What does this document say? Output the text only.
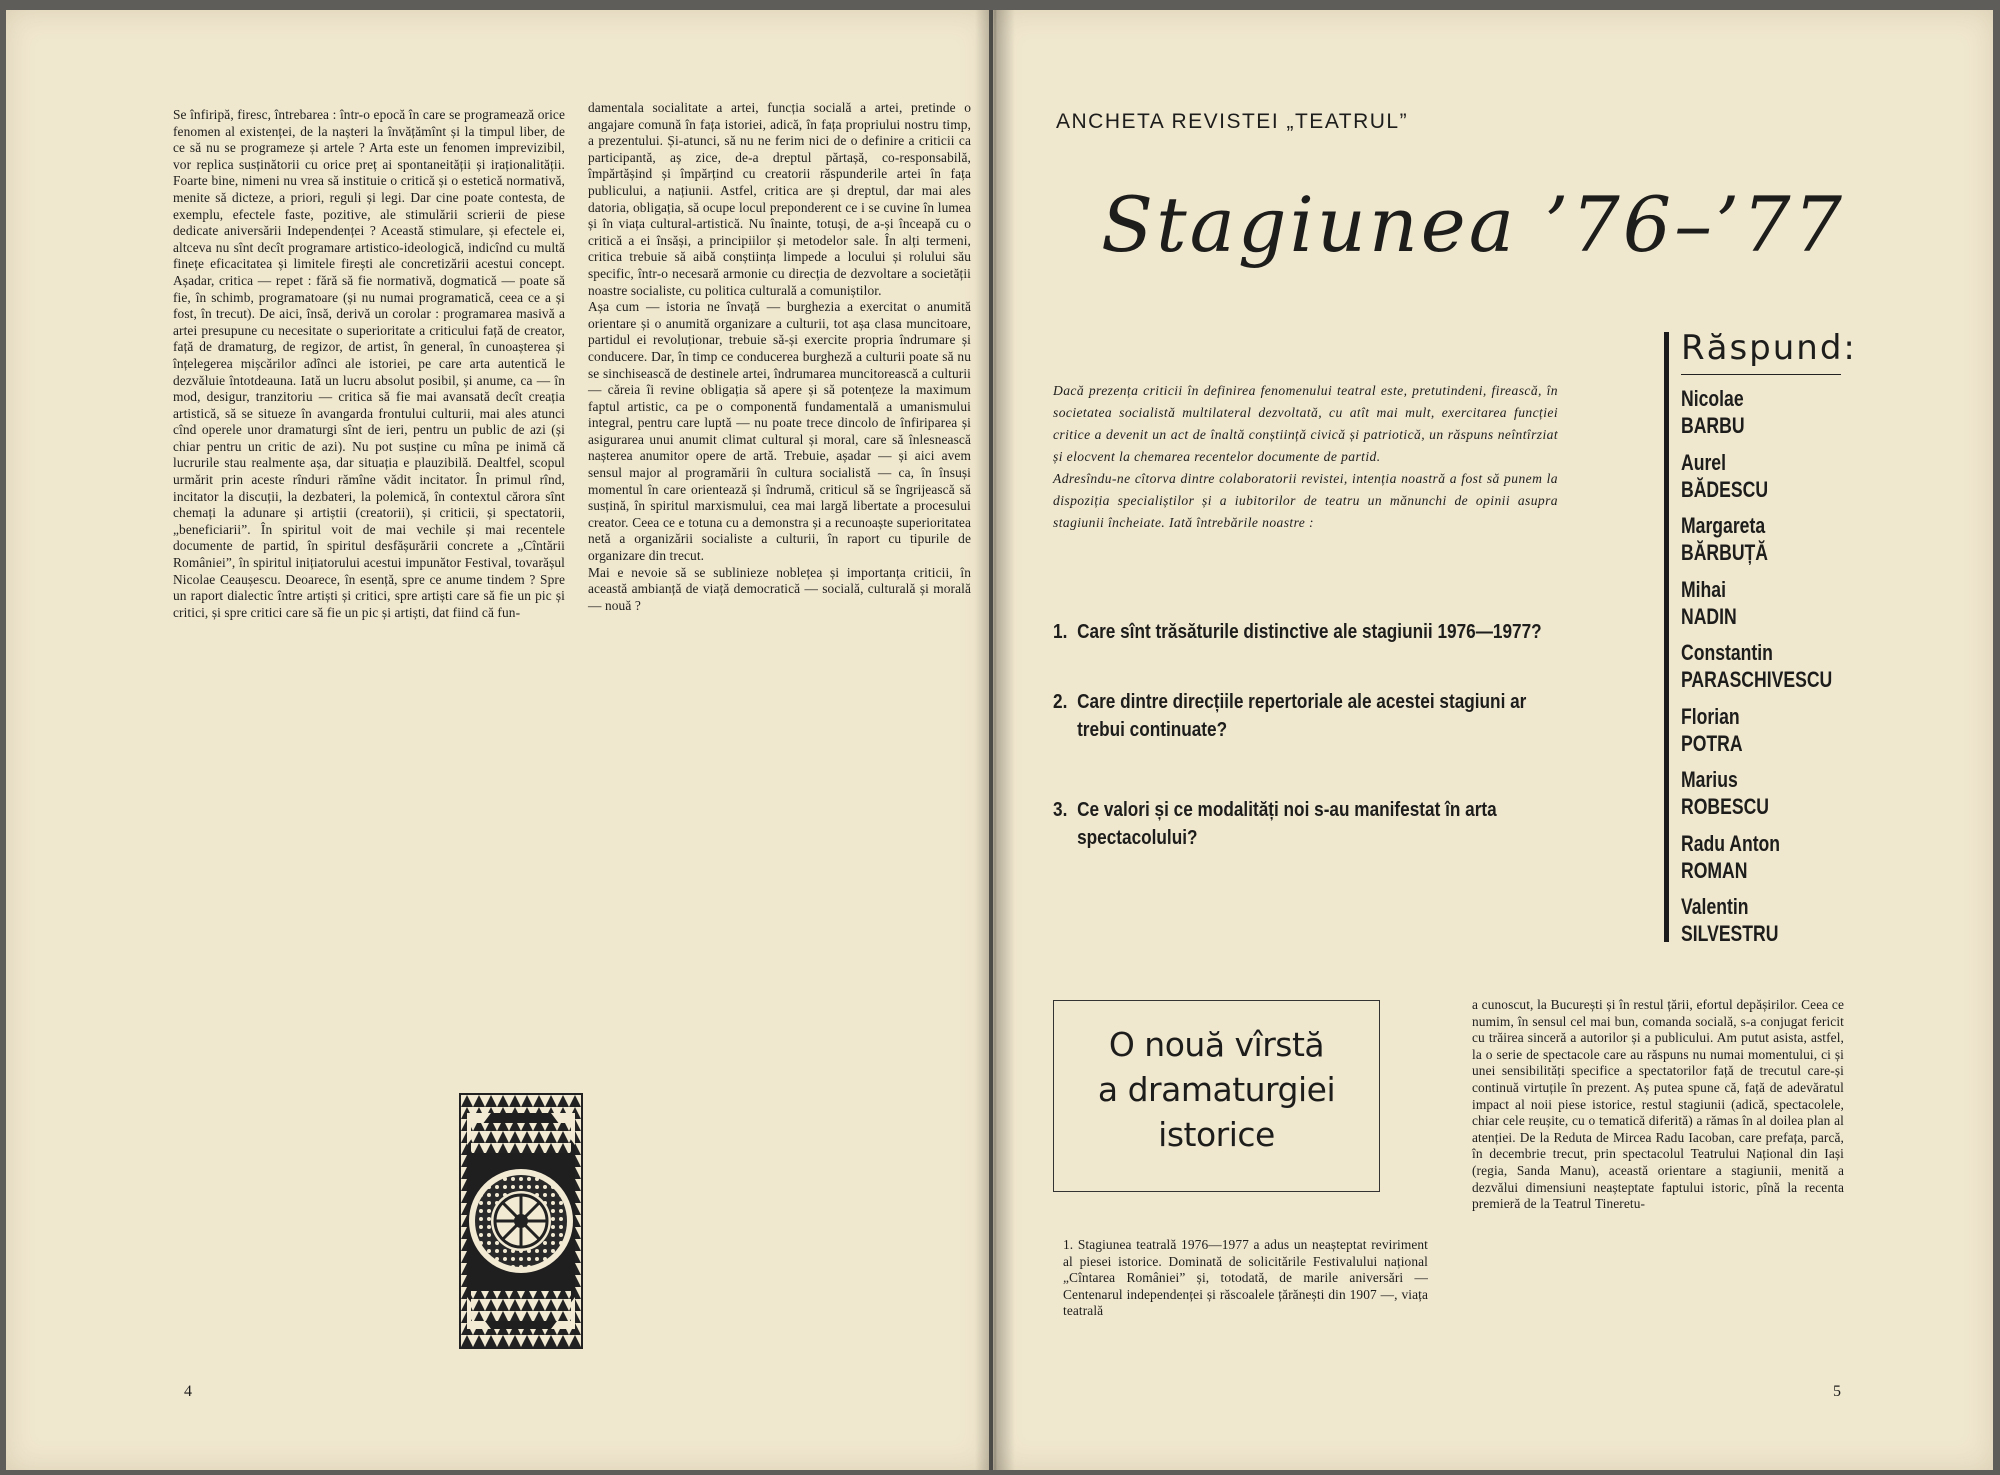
Se înfiripă, firesc, întrebarea : într-o epocă în care se programează orice fenomen al existenței, de la nașteri la învățămînt și la timpul liber, de ce să nu se programeze și artele ? Arta este un fenomen imprevizibil, vor replica susținătorii cu orice preț ai spontaneității și iraționalității. Foarte bine, nimeni nu vrea să instituie o critică și o estetică normativă, menite să dicteze, a priori, reguli și legi. Dar cine poate contesta, de exemplu, efectele faste, pozitive, ale stimulării scrierii de piese dedicate aniversării Independenței ? Această stimulare, și efectele ei, altceva nu sînt decît programare artistico-ideologică, indicînd cu multă finețe eficacitatea și limitele firești ale concretizării acestui concept. Așadar, critica — repet : fără să fie normativă, dogmatică — poate să fie, în schimb, programatoare (și nu numai programatică, ceea ce a și fost, în trecut). De aici, însă, derivă un corolar : programarea masivă a artei presupune cu necesitate o superioritate a criticului față de creator, față de dramaturg, de regizor, de artist, în general, în cunoașterea și înțelegerea mișcărilor adînci ale istoriei, pe care arta autentică le dezvăluie întotdeauna. Iată un lucru absolut posibil, și anume, ca — în mod, desigur, tranzitoriu — critica să fie mai avansată decît creația artistică, să se situeze în avangarda frontului culturii, mai ales atunci cînd operele unor dramaturgi sînt de ieri, pentru un public de azi (și chiar pentru un critic de azi). Nu pot susține cu mîna pe inimă că lucrurile stau realmente așa, dar situația e plauzibilă. Dealtfel, scopul urmărit prin aceste rînduri rămîne vădit incitator. În primul rînd, incitator la discuții, la dezbateri, la polemică, în contextul cărora sînt chemați la adunare și artiștii (creatorii), și criticii, și spectatorii, „beneficiarii”. În spiritul voit de mai vechile și mai recentele documente de partid, în spiritul desfășurării concrete a „Cîntării României”, în spiritul inițiatorului acestui impunător Festival, tovarășul Nicolae Ceaușescu. Deoarece, în esență, spre ce anume tindem ? Spre un raport dialectic între artiști și critici, spre artiști care să fie un pic și critici, și spre critici care să fie un pic și artiști, dat fiind că fun-
damentala socialitate a artei, funcția socială a artei, pretinde o angajare comună în fața istoriei, adică, în fața propriului nostru timp, a prezentului. Și-atunci, să nu ne ferim nici de o definire a criticii ca participantă, aș zice, de-a dreptul părtașă, co-responsabilă, împărtășind și împărțind cu creatorii răspunderile artei în fața publicului, a națiunii. Astfel, critica are și dreptul, dar mai ales datoria, obligația, să ocupe locul preponderent ce i se cuvine în lumea și în viața cultural-artistică. Nu înainte, totuși, de a-și înceapă cu o critică a ei însăși, a principiilor și metodelor sale. În alți termeni, critica trebuie să aibă conștiința limpede a locului și rolului său specific, într-o necesară armonie cu direcția de dezvoltare a societății noastre socialiste, cu politica culturală a comuniștilor.
Așa cum — istoria ne învață — burghezia a exercitat o anumită orientare și o anumită organizare a culturii, tot așa clasa muncitoare, partidul ei revoluționar, trebuie să-și exercite propria îndrumare și conducere. Dar, în timp ce conducerea burgheză a culturii poate să nu se sinchisească de destinele artei, îndrumarea muncitorească a culturii — căreia îi revine obligația să apere și să potențeze la maximum faptul artistic, ca pe o componentă fundamentală a umanismului integral, pentru care luptă — nu poate trece dincolo de înfiriparea și asigurarea unui anumit climat cultural și moral, care să înlesnească nașterea anumitor opere de artă. Trebuie, așadar — și aici avem sensul major al programării în cultura socialistă — ca, în însuși momentul în care orientează și îndrumă, criticul să se îngrijească să susțină, în spiritul marxismului, cea mai largă libertate a procesului creator. Ceea ce e totuna cu a demonstra și a recunoaște superioritatea netă a organizării socialiste a culturii, în raport cu tipurile de organizare din trecut.
Mai e nevoie să se sublinieze noblețea și importanța criticii, în această ambianță de viață democratică — socială, culturală și morală — nouă ?
4
ANCHETA REVISTEI „TEATRUL”
Stagiunea ’76–’77
Dacă prezența criticii în definirea fenomenului teatral este, pretutindeni, firească, în societatea socialistă multilateral dezvoltată, cu atît mai mult, exercitarea funcției critice a devenit un act de înaltă conștiință civică și patriotică, un răspuns neîntîrziat și elocvent la chemarea recentelor documente de partid.
Adresîndu-ne cîtorva dintre colaboratorii revistei, intenția noastră a fost să punem la dispoziția specialiștilor și a iubitorilor de teatru un mănunchi de opinii asupra stagiunii încheiate. Iată întrebările noastre :
1. Care sînt trăsăturile distinctive ale stagiunii 1976—1977?
2. Care dintre direcțiile repertoriale ale acestei stagiuni ar trebui continuate?
3. Ce valori și ce modalități noi s-au manifestat în arta spectacolului?
Răspund:
Nicolae
BARBU
Aurel
BĂDESCU
Margareta
BĂRBUȚĂ
Mihai
NADIN
Constantin
PARASCHIVESCU
Florian
POTRA
Marius
ROBESCU
Radu Anton
ROMAN
Valentin
SILVESTRU
O nouă vîrstă
a dramaturgiei
istorice
1. Stagiunea teatrală 1976—1977 a adus un neașteptat reviriment al piesei istorice. Dominată de solicitările Festivalului național „Cîntarea României” și, totodată, de marile aniversări — Centenarul independenței și răscoalele țărănești din 1907 —, viața teatrală
a cunoscut, la București și în restul țării, efortul depășirilor. Ceea ce numim, în sensul cel mai bun, comanda socială, s-a conjugat fericit cu trăirea sinceră a autorilor și a publicului. Am putut asista, astfel, la o serie de spectacole care au răspuns nu numai momentului, ci și unei sensibilități specifice a spectatorilor față de trecutul care-și continuă virtuțile în prezent. Aș putea spune că, față de adevăratul impact al noii piese istorice, restul stagiunii (adică, spectacolele, chiar cele reușite, cu o tematică diferită) a rămas în al doilea plan al atenției. De la Reduta de Mircea Radu Iacoban, care prefața, parcă, în decembrie trecut, prin spectacolul Teatrului Național din Iași (regia, Sanda Manu), această orientare a stagiunii, menită a dezvălui dimensiuni neașteptate faptului istoric, pînă la recenta premieră de la Teatrul Tineretu-
5
